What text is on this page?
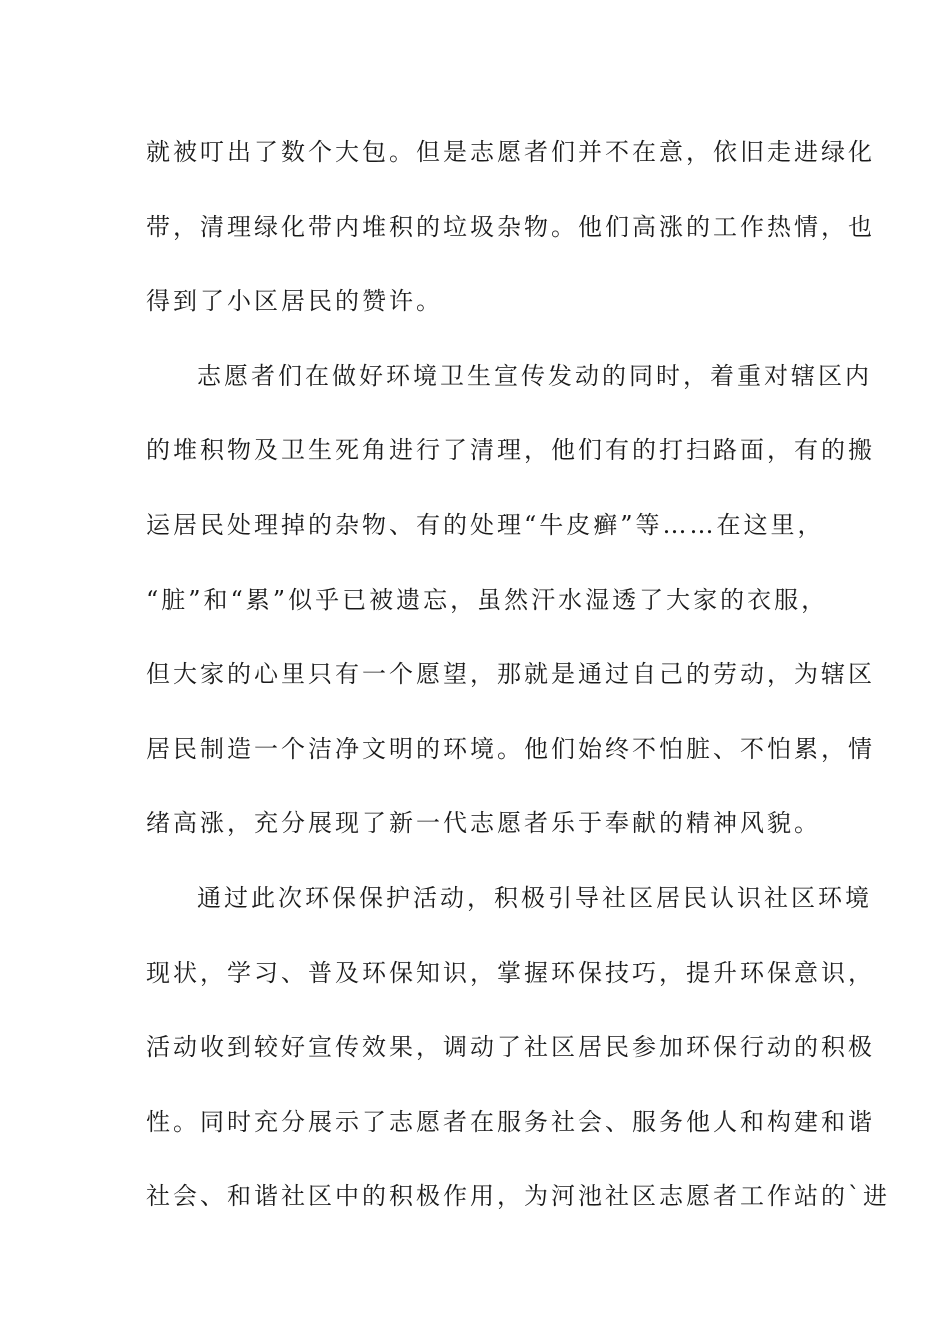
就被叮出了数个大包。但是志愿者们并不在意，依旧走进绿化
带，清理绿化带内堆积的垃圾杂物。他们高涨的工作热情，也
得到了小区居民的赞许。
志愿者们在做好环境卫生宣传发动的同时，着重对辖区内
的堆积物及卫生死角进行了清理，他们有的打扫路面，有的搬
运居民处理掉的杂物、有的处理“牛皮癣”等……在这里，
“脏”和“累”似乎已被遗忘，虽然汗水湿透了大家的衣服，
但大家的心里只有一个愿望，那就是通过自己的劳动，为辖区
居民制造一个洁净文明的环境。他们始终不怕脏、不怕累，情
绪高涨，充分展现了新一代志愿者乐于奉献的精神风貌。
通过此次环保保护活动，积极引导社区居民认识社区环境
现状，学习、普及环保知识，掌握环保技巧，提升环保意识，
活动收到较好宣传效果，调动了社区居民参加环保行动的积极
性。同时充分展示了志愿者在服务社会、服务他人和构建和谐
社会、和谐社区中的积极作用，为河池社区志愿者工作站的`进
